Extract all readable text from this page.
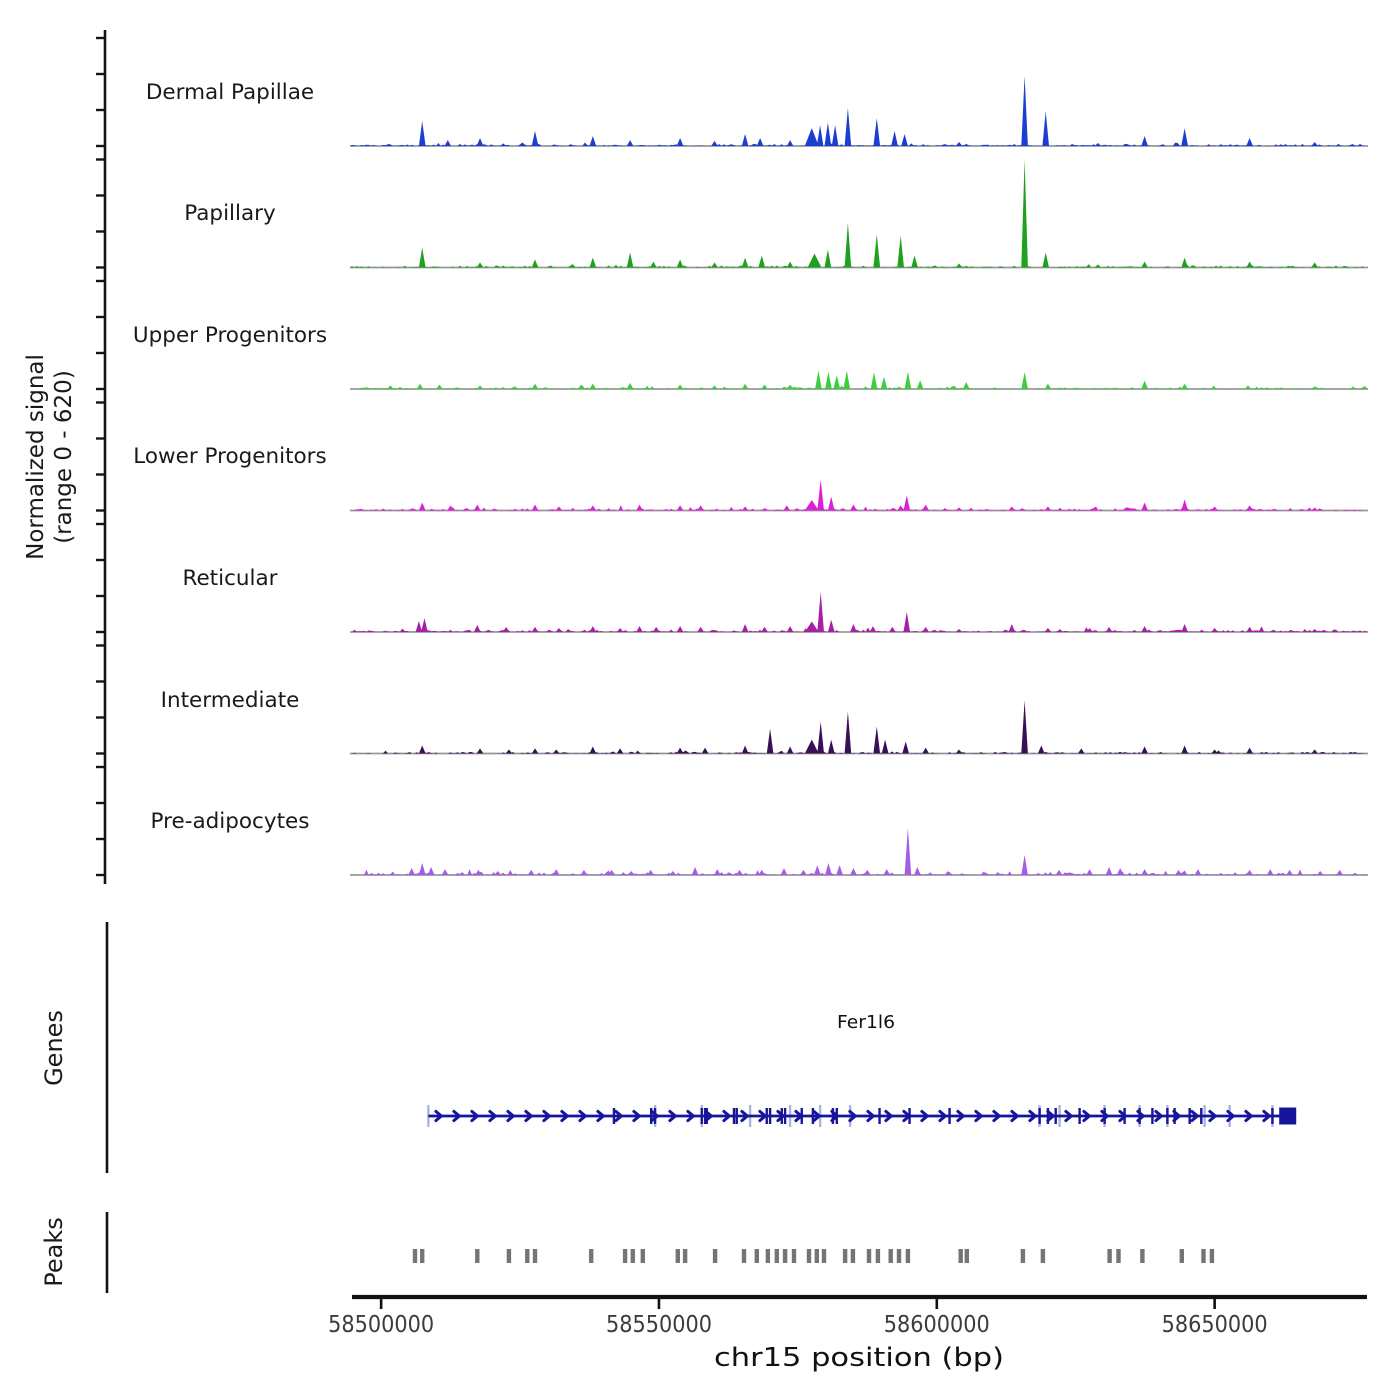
Normalized signal (range 0 - 620)
Dermal Papillae
Papillary
Upper Progenitors
Lower Progenitors
Reticular
Intermediate
Pre-adipocytes
Genes
Peaks
Fer1l6
58500000	58550000	58600000	58650000
chr15 position (bp)
